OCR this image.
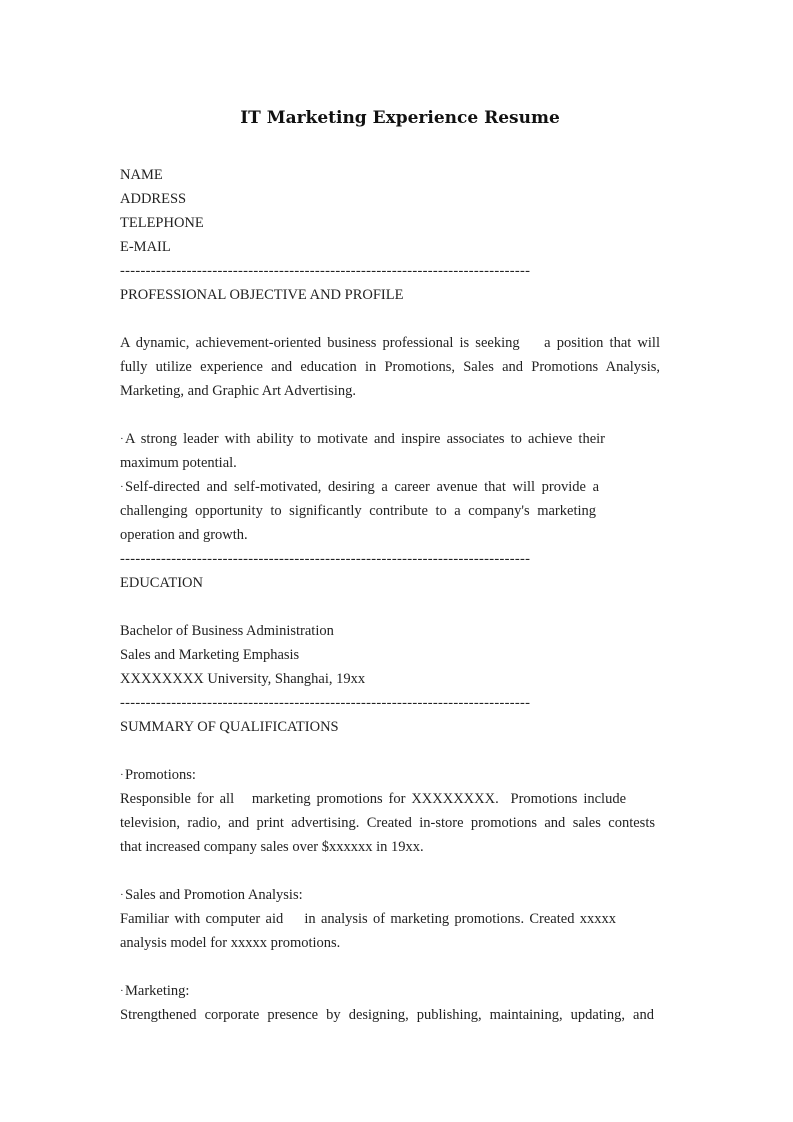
IT Marketing Experience Resume
NAME
ADDRESS
TELEPHONE
E-MAIL
--------------------------------------------------------------------------------
PROFESSIONAL OBJECTIVE AND PROFILE
A dynamic, achievement-oriented business professional is seeking    a position that will
fully utilize experience and education in Promotions, Sales and Promotions Analysis,
Marketing, and Graphic Art Advertising.
·A strong leader with ability to motivate and inspire associates to achieve their
maximum potential.
·Self-directed and self-motivated, desiring a career avenue that will provide a
challenging opportunity to significantly contribute to a company's marketing
operation and growth.
--------------------------------------------------------------------------------
EDUCATION
Bachelor of Business Administration
Sales and Marketing Emphasis
XXXXXXXX University, Shanghai, 19xx
--------------------------------------------------------------------------------
SUMMARY OF QUALIFICATIONS
·Promotions:
Responsible for all   marketing promotions for XXXXXXXX.  Promotions include
television, radio, and print advertising. Created in-store promotions and sales contests
that increased company sales over $xxxxxx in 19xx.
·Sales and Promotion Analysis:
Familiar with computer aid    in analysis of marketing promotions. Created xxxxx
analysis model for xxxxx promotions.
·Marketing:
Strengthened corporate presence by designing, publishing, maintaining, updating, and
